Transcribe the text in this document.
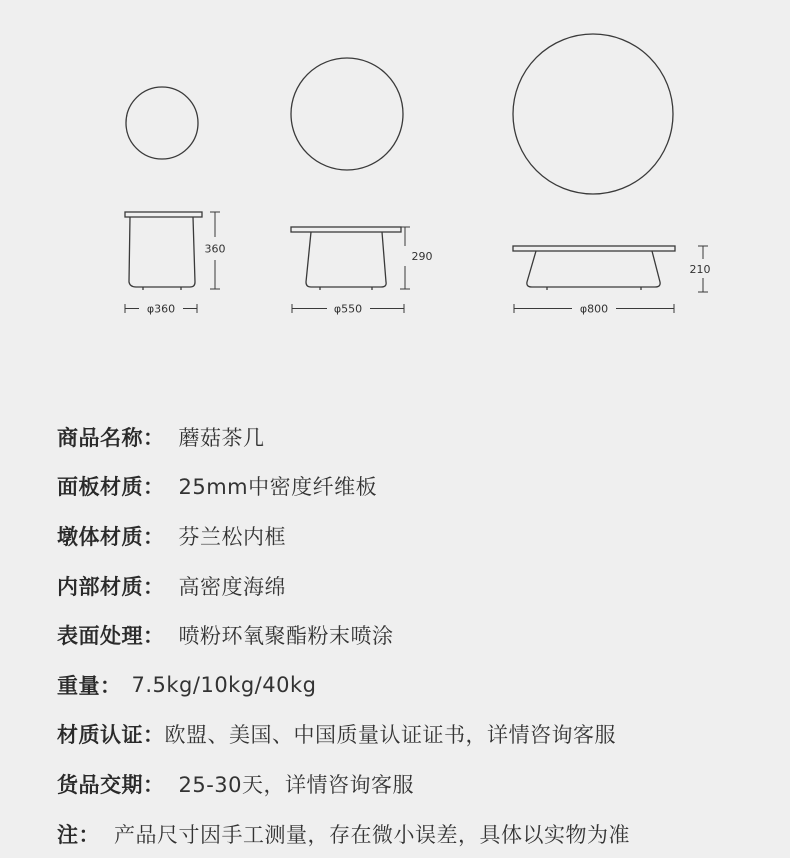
360
φ360
290
φ550
210
φ800
商品名称： 蘑菇茶几
面板材质： 25mm中密度纤维板
墩体材质： 芬兰松内框
内部材质： 高密度海绵
表面处理： 喷粉环氧聚酯粉末喷涂
重量： 7.5kg/10kg/40kg
材质认证： 欧盟、美国、中国质量认证证书，详情咨询客服
货品交期： 25-30天，详情咨询客服
注： 产品尺寸因手工测量，存在微小误差，具体以实物为准
